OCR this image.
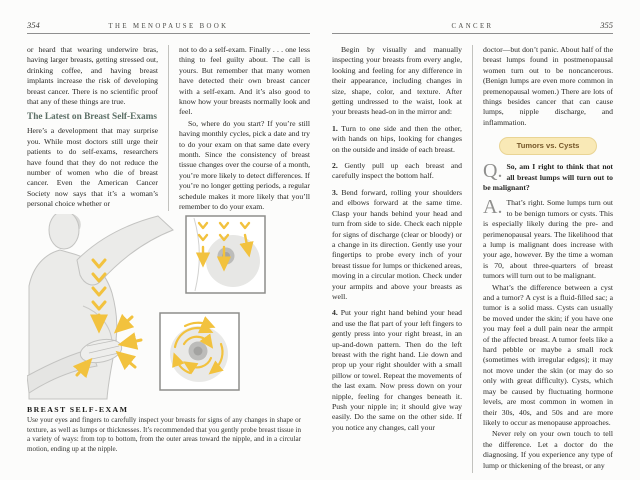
354	THE MENOPAUSE BOOK

or heard that wearing underwire bras, having larger breasts, getting stressed out, drinking coffee, and having breast implants increase the risk of developing breast cancer. There is no scientific proof that any of these things are true.

The Latest on Breast Self-Exams

Here’s a development that may surprise you. While most doctors still urge their patients to do self-exams, researchers have found that they do not reduce the number of women who die of breast cancer. Even the American Cancer Society now says that it’s a woman’s personal choice whether or

not to do a self-exam. Finally . . . one less thing to feel guilty about. The call is yours. But remember that many women have detected their own breast cancer with a self-exam. And it’s also good to know how your breasts normally look and feel.

So, where do you start? If you’re still having monthly cycles, pick a date and try to do your exam on that same date every month. Since the consistency of breast tissue changes over the course of a month, you’re more likely to detect differences. If you’re no longer getting periods, a regular schedule makes it more likely that you’ll remember to do your exam.

BREAST SELF-EXAM
Use your eyes and fingers to carefully inspect your breasts for signs of any changes in shape or texture, as well as lumps or thicknesses. It’s recommended that you gently probe breast tissue in a variety of ways: from top to bottom, from the outer areas toward the nipple, and in a circular motion, ending up at the nipple.
CANCER	355

Begin by visually and manually inspecting your breasts from every angle, looking and feeling for any difference in their appearance, including changes in size, shape, color, and texture. After getting undressed to the waist, look at your breasts head-on in the mirror and:

1. Turn to one side and then the other, with hands on hips, looking for changes on the outside and inside of each breast.

2. Gently pull up each breast and carefully inspect the bottom half.

3. Bend forward, rolling your shoulders and elbows forward at the same time. Clasp your hands behind your head and turn from side to side. Check each nipple for signs of discharge (clear or bloody) or a change in its direction. Gently use your fingertips to probe every inch of your breast tissue for lumps or thickened areas, moving in a circular motion. Check under your armpits and above your breasts as well.

4. Put your right hand behind your head and use the flat part of your left fingers to gently press into your right breast, in an up-and-down pattern. Then do the left breast with the right hand. Lie down and prop up your right shoulder with a small pillow or towel. Repeat the movements of the last exam. Now press down on your nipple, feeling for changes beneath it. Push your nipple in; it should give way easily. Do the same on the other side. If you notice any changes, call your

doctor—but don’t panic. About half of the breast lumps found in postmenopausal women turn out to be noncancerous. (Benign lumps are even more common in premenopausal women.) There are lots of things besides cancer that can cause lumps, nipple discharge, and inflammation.

Tumors vs. Cysts

Q. So, am I right to think that not all breast lumps will turn out to be malignant?

A. That’s right. Some lumps turn out to be benign tumors or cysts. This is especially likely during the pre- and perimenopausal years. The likelihood that a lump is malignant does increase with your age, however. By the time a woman is 70, about three-quarters of breast tumors will turn out to be malignant.

What’s the difference between a cyst and a tumor? A cyst is a fluid-filled sac; a tumor is a solid mass. Cysts can usually be moved under the skin; if you have one you may feel a dull pain near the armpit of the affected breast. A tumor feels like a hard pebble or maybe a small rock (sometimes with irregular edges); it may not move under the skin (or may do so only with great difficulty). Cysts, which may be caused by fluctuating hormone levels, are most common in women in their 30s, 40s, and 50s and are more likely to occur as menopause approaches.

Never rely on your own touch to tell the difference. Let a doctor do the diagnosing. If you experience any type of lump or thickening of the breast, or any
